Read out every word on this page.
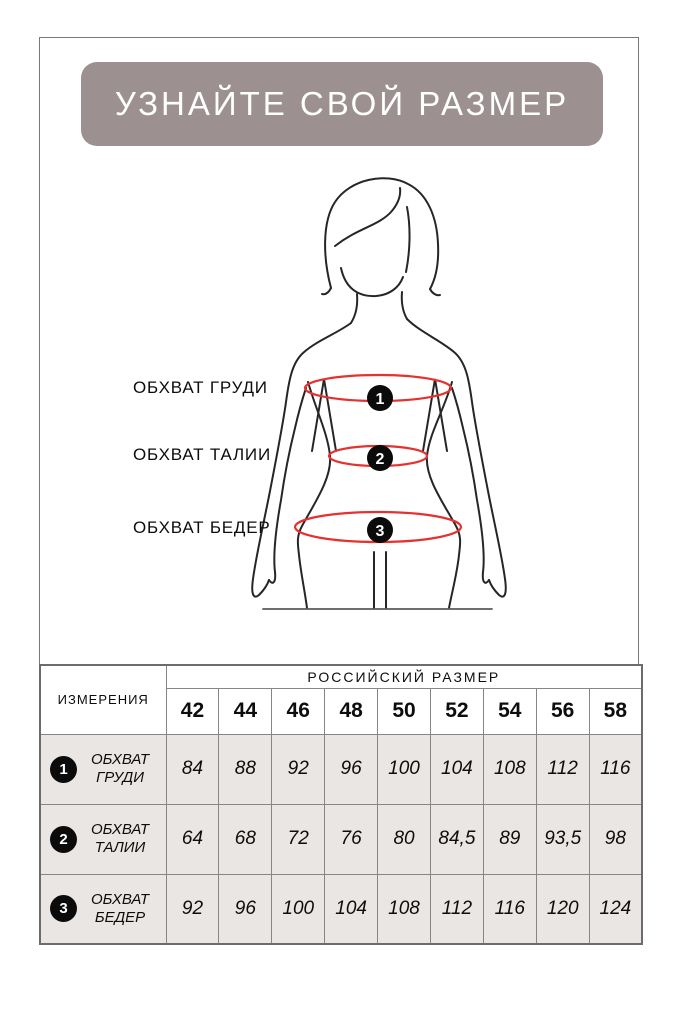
УЗНАЙТЕ СВОЙ РАЗМЕР
1
2
3
ОБХВАТ ГРУДИ
ОБХВАТ ТАЛИИ
ОБХВАТ БЕДЕР
ИЗМЕРЕНИЯ	РОССИЙСКИЙ РАЗМЕР								
	42	44	46	48	50	52	54	56	58

1
ОБХВАТ ГРУДИ	84	88	92	96	100	104	108	112	116

2
ОБХВАТ ТАЛИИ	64	68	72	76	80	84,5	89	93,5	98

3
ОБХВАТ БЕДЕР	92	96	100	104	108	112	116	120	124
